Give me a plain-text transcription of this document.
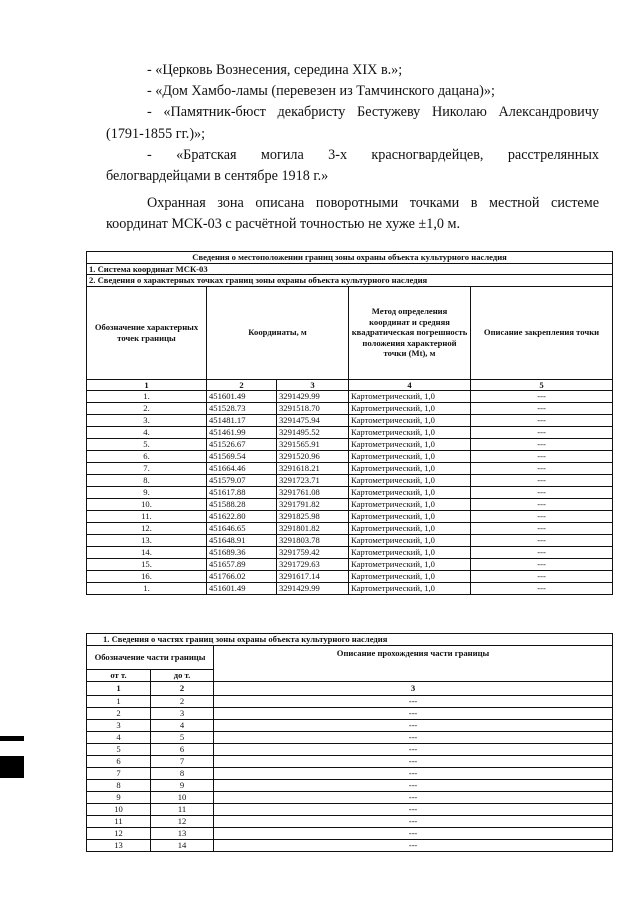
- «Церковь Вознесения, середина XIX в.»;

- «Дом Хамбо-ламы (перевезен из Тамчинского дацана)»;

- «Памятник-бюст декабристу Бестужеву Николаю Александровичу

(1791-1855 гг.)»;

- «Братская могила 3-х красногвардейцев, расстрелянных

белогвардейцами в сентябре 1918 г.»

Охранная зона описана поворотными точками в местной системе

координат МСК-03 с расчётной точностью не хуже ±1,0 м.

Сведения о местоположении границ зоны охраны объекта культурного наследия				
1. Система координат МСК-03				
2. Сведения о характерных точках границ зоны охраны объекта культурного наследия				
Обозначение характерных точек границы	Координаты, м		Метод определения координат и средняя квадратическая погрешность положения характерной точки (Mt), м	Описание закрепления точки
1	2	3	4	5
1.	451601.49	3291429.99	Картометрический, 1,0	---
2.	451528.73	3291518.70	Картометрический, 1,0	---
3.	451481.17	3291475.94	Картометрический, 1,0	---
4.	451461.99	3291495.52	Картометрический, 1,0	---
5.	451526.67	3291565.91	Картометрический, 1,0	---
6.	451569.54	3291520.96	Картометрический, 1,0	---
7.	451664.46	3291618.21	Картометрический, 1,0	---
8.	451579.07	3291723.71	Картометрический, 1,0	---
9.	451617.88	3291761.08	Картометрический, 1,0	---
10.	451588.28	3291791.82	Картометрический, 1,0	---
11.	451622.80	3291825.98	Картометрический, 1,0	---
12.	451646.65	3291801.82	Картометрический, 1,0	---
13.	451648.91	3291803.78	Картометрический, 1,0	---
14.	451689.36	3291759.42	Картометрический, 1,0	---
15.	451657.89	3291729.63	Картометрический, 1,0	---
16.	451766.02	3291617.14	Картометрический, 1,0	---
1.	451601.49	3291429.99	Картометрический, 1,0	---
1. Сведения о частях границ зоны охраны объекта культурного наследия		
Обозначение части границы		Описание прохождения части границы
от т.	до т.	
1	2	3
1	2	---
2	3	---
3	4	---
4	5	---
5	6	---
6	7	---
7	8	---
8	9	---
9	10	---
10	11	---
11	12	---
12	13	---
13	14	---
